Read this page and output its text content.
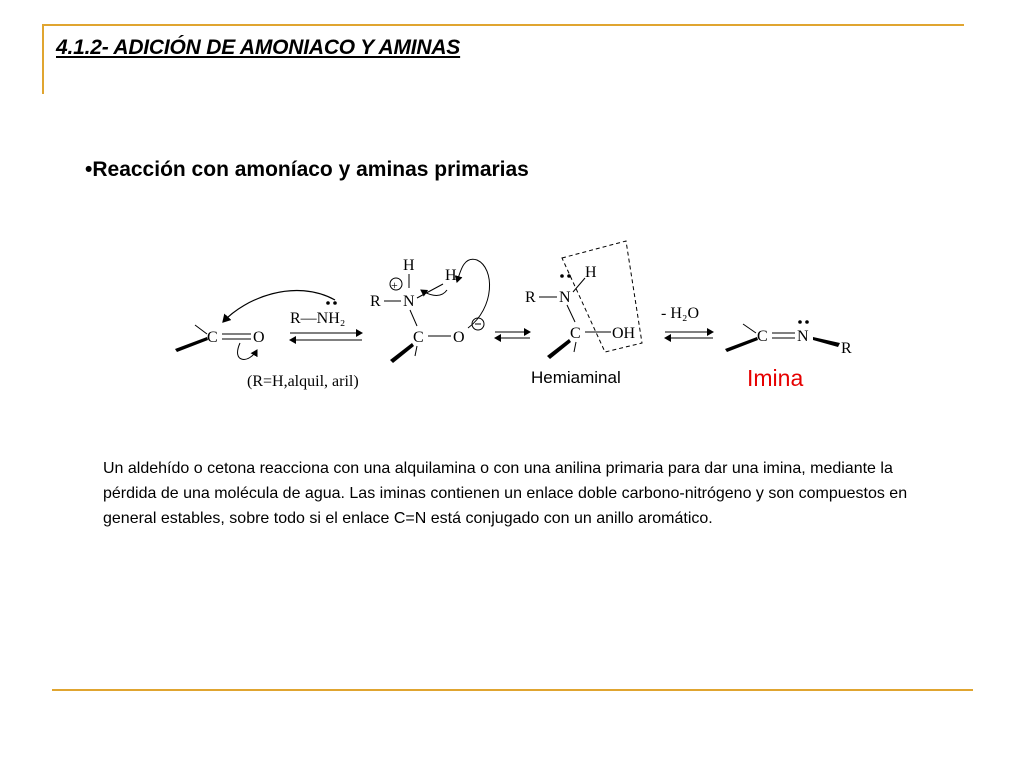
4.1.2- ADICIÓN DE AMONIACO Y AMINAS
•Reacción con amoníaco y aminas primarias
C O
R—NH₂
(R=H,alquil, aril)
H
+
R N
H
C O
R N
H
C OH
Hemiaminal
- H₂O
C N
R
Imina
Un aldehído o cetona reacciona con una alquilamina o con una anilina primaria para dar una imina, mediante la pérdida de una molécula de agua. Las iminas contienen un enlace doble carbono-nitrógeno y son compuestos en general estables, sobre todo si el enlace C=N está conjugado con un anillo aromático.
